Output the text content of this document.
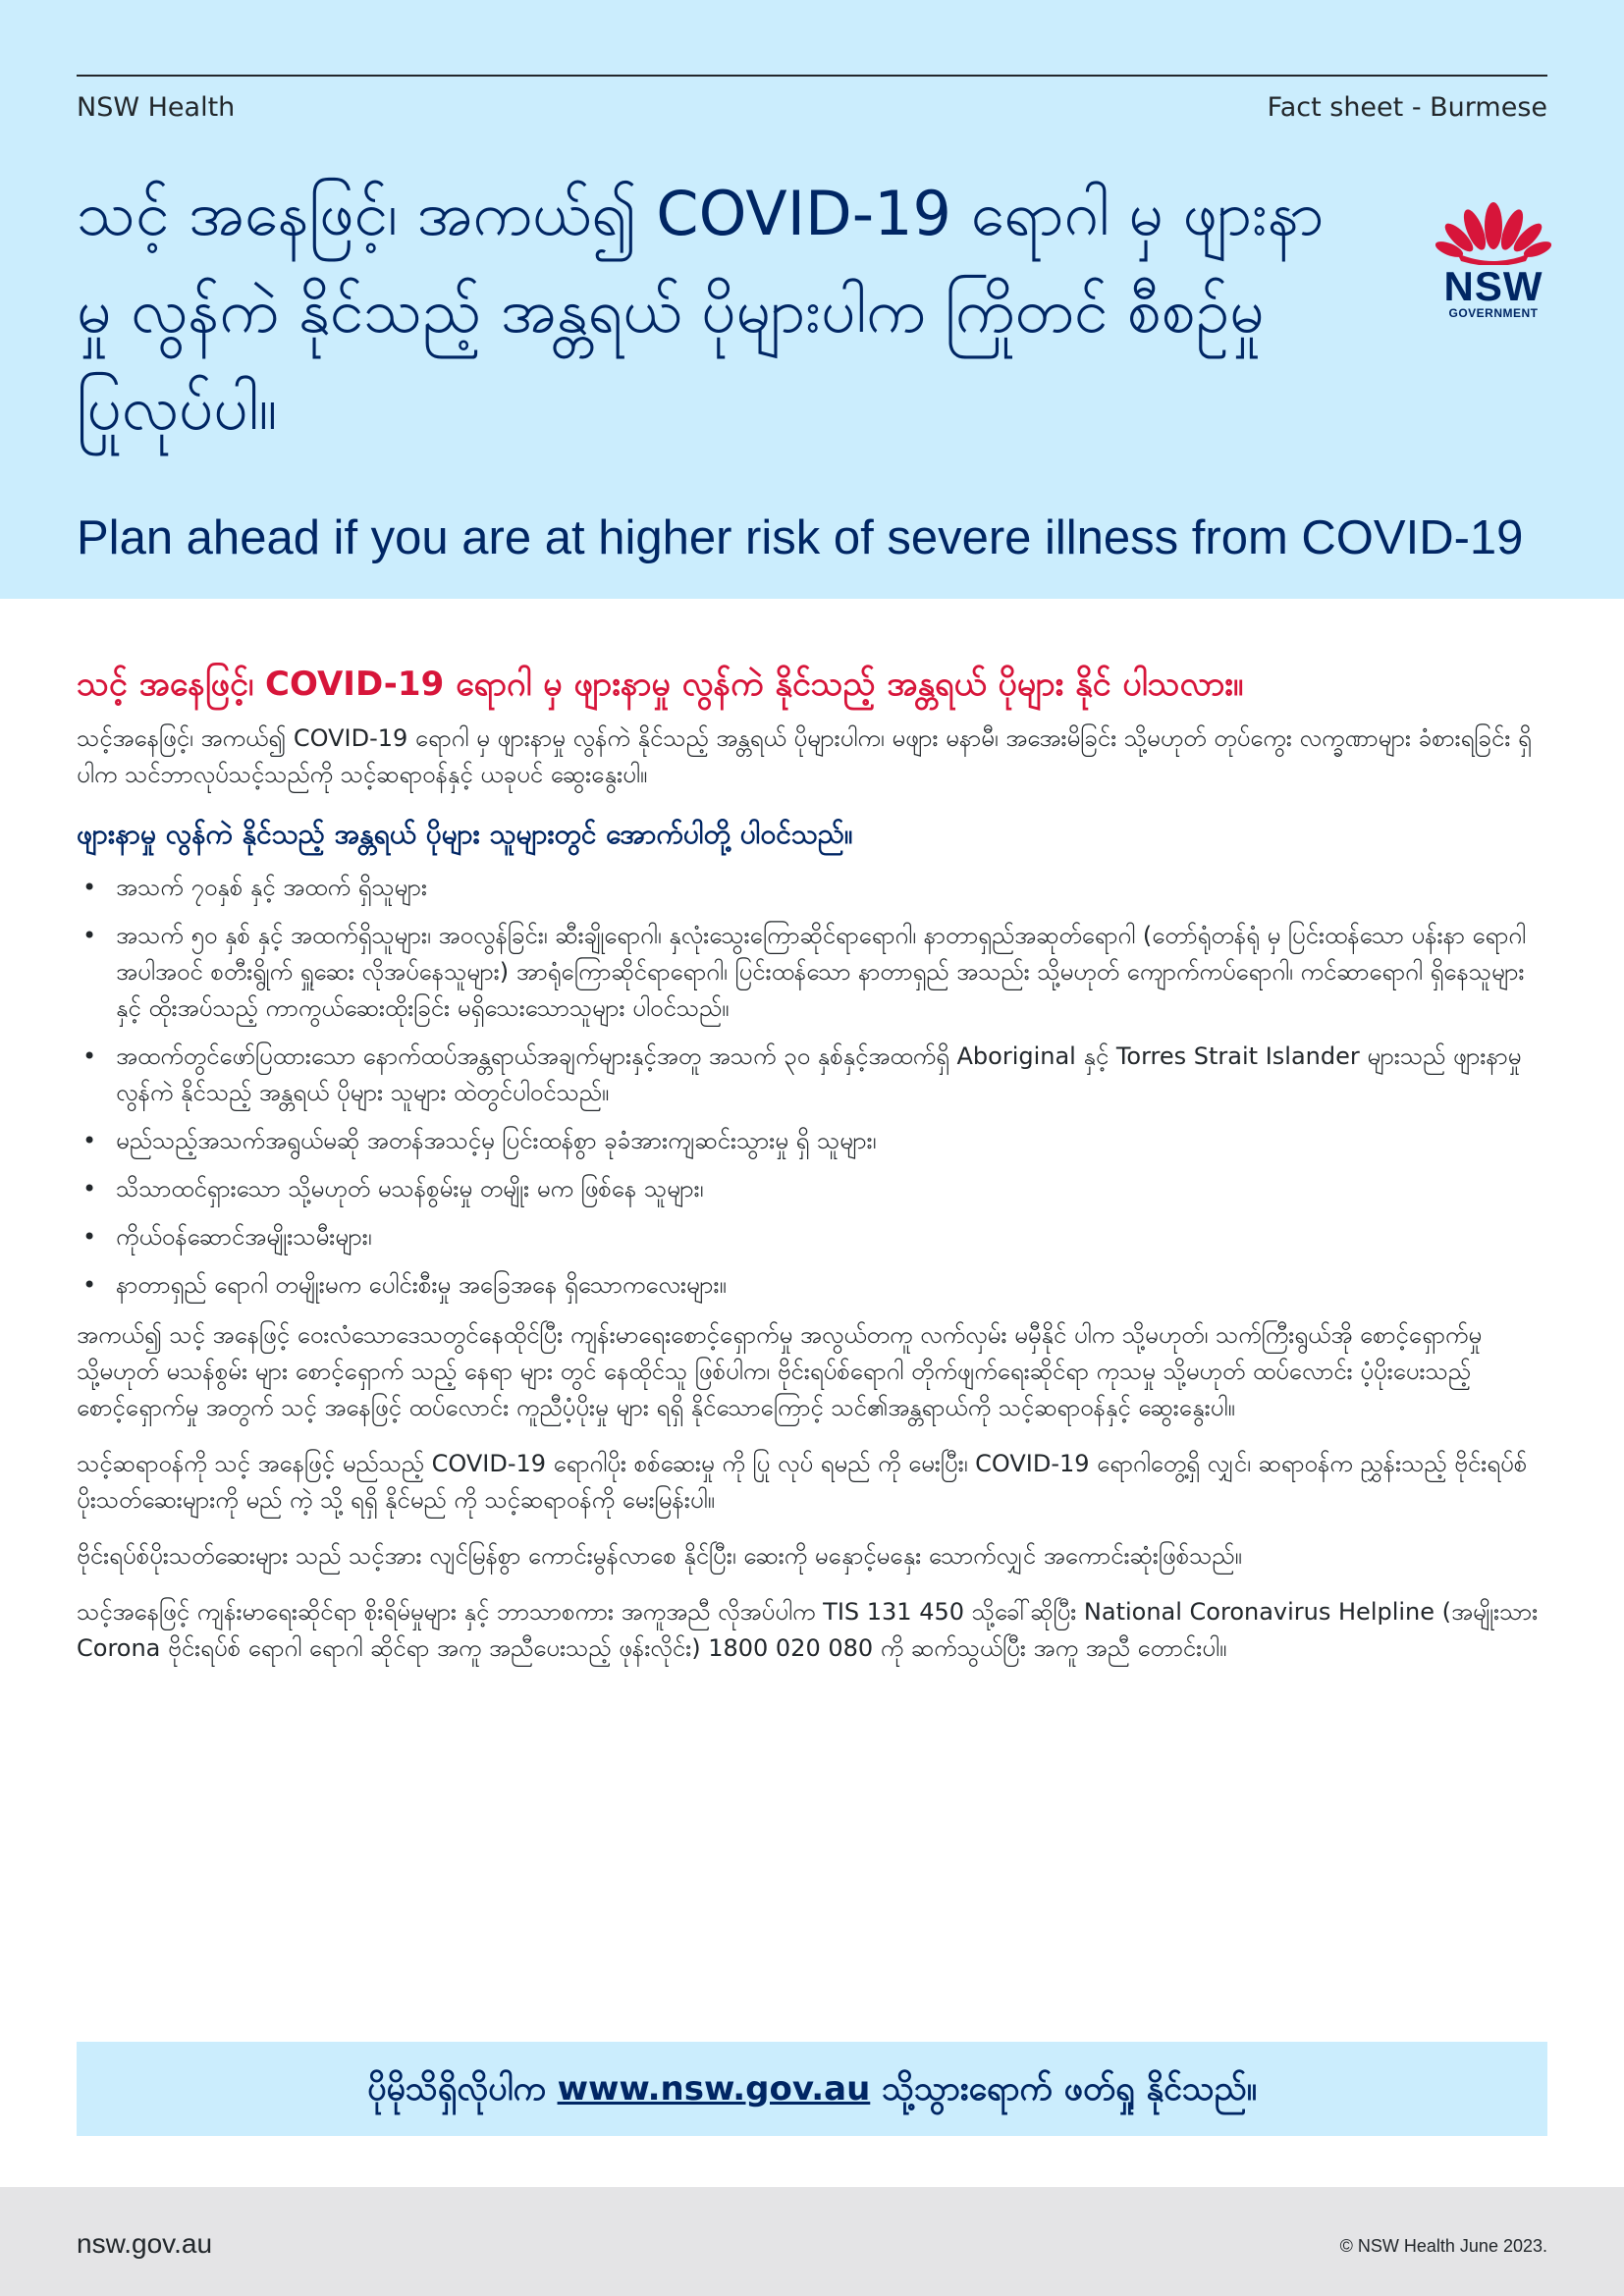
NSW Health	Fact sheet - Burmese
သင့် အနေဖြင့်၊ အကယ်၍ COVID-19 ရောဂါ မှ ဖျားနာမှု လွန်ကဲ နိုင်သည့် အန္တရယ် ပိုများပါက ကြိုတင် စီစဉ်မှု ပြုလုပ်ပါ။
Plan ahead if you are at higher risk of severe illness from COVID-19
NSW
GOVERNMENT
သင့် အနေဖြင့်၊ COVID-19 ရောဂါ မှ ဖျားနာမှု လွန်ကဲ နိုင်သည့် အန္တရယ် ပိုများ နိုင် ပါသလား။

သင့်အနေဖြင့်၊ အကယ်၍ COVID-19 ရောဂါ မှ ဖျားနာမှု လွန်ကဲ နိုင်သည့် အန္တရယ် ပိုများပါက၊ မဖျား မနာမီ၊ အအေးမိခြင်း သို့မဟုတ် တုပ်ကွေး လက္ခဏာများ ခံစားရခြင်း ရှိပါက သင်ဘာလုပ်သင့်သည်ကို သင့်ဆရာဝန်နှင့် ယခုပင် ဆွေးနွေးပါ။

ဖျားနာမှု လွန်ကဲ နိုင်သည့် အန္တရယ် ပိုများ သူများတွင် အောက်ပါတို့ ပါဝင်သည်။
• အသက် ၇၀နှစ် နှင့် အထက် ရှိသူများ
• အသက် ၅၀ နှစ် နှင့် အထက်ရှိသူများ၊ အဝလွန်ခြင်း၊ ဆီးချိုရောဂါ၊ နှလုံးသွေးကြောဆိုင်ရာရောဂါ၊ နာတာရှည်အဆုတ်ရောဂါ (တော်ရုံတန်ရုံ မှ ပြင်းထန်သော ပန်းနာ ရောဂါ အပါအဝင် စတီးရွိုက် ရှူဆေး လိုအပ်နေသူများ) အာရုံကြောဆိုင်ရာရောဂါ၊ ပြင်းထန်သော နာတာရှည် အသည်း သို့မဟုတ် ကျောက်ကပ်ရောဂါ၊ ကင်ဆာရောဂါ ရှိနေသူများ နှင့် ထိုးအပ်သည့် ကာကွယ်ဆေးထိုးခြင်း မရှိသေးသောသူများ ပါဝင်သည်။
• အထက်တွင်ဖော်ပြထားသော နောက်ထပ်အန္တရာယ်အချက်များနှင့်အတူ အသက် ၃၀ နှစ်နှင့်အထက်ရှိ Aboriginal နှင့် Torres Strait Islander များသည် ဖျားနာမှု လွန်ကဲ နိုင်သည့် အန္တရယ် ပိုများ သူများ ထဲတွင်ပါဝင်သည်။
• မည်သည့်အသက်အရွယ်မဆို အတန်အသင့်မှ ပြင်းထန်စွာ ခုခံအားကျဆင်းသွားမှု ရှိ သူများ၊
• သိသာထင်ရှားသော သို့မဟုတ် မသန်စွမ်းမှု တမျိုး မက ဖြစ်နေ သူများ၊
• ကိုယ်ဝန်ဆောင်အမျိုးသမီးများ၊
• နာတာရှည် ရောဂါ တမျိုးမက ပေါင်းစီးမှု အခြေအနေ ရှိသောကလေးများ။

အကယ်၍ သင့် အနေဖြင့် ဝေးလံသောဒေသတွင်နေထိုင်ပြီး ကျန်းမာရေးစောင့်ရှောက်မှု အလွယ်တကူ လက်လှမ်း မမှီနိုင် ပါက သို့မဟုတ်၊ သက်ကြီးရွယ်အို စောင့်ရှောက်မှု သို့မဟုတ် မသန်စွမ်း များ စောင့်ရှောက် သည့် နေရာ များ တွင် နေထိုင်သူ ဖြစ်ပါက၊ ဗိုင်းရပ်စ်ရောဂါ တိုက်ဖျက်ရေးဆိုင်ရာ ကုသမှု သို့မဟုတ် ထပ်လောင်း ပံ့ပိုးပေးသည့် စောင့်ရှောက်မှု အတွက် သင့် အနေဖြင့် ထပ်လောင်း ကူညီပံ့ပိုးမှု များ ရရှိ နိုင်သောကြောင့် သင်၏အန္တရာယ်ကို သင့်ဆရာဝန်နှင့် ဆွေးနွေးပါ။

သင့်ဆရာဝန်ကို သင့် အနေဖြင့် မည်သည့် COVID-19 ရောဂါပိုး စစ်ဆေးမှု ကို ပြု လုပ် ရမည် ကို မေးပြီး၊ COVID-19 ရောဂါတွေ့ရှိ လျှင်၊ ဆရာဝန်က ညွှန်းသည့် ဗိုင်းရပ်စ်ပိုးသတ်ဆေးများကို မည် ကဲ့ သို့ ရရှိ နိုင်မည် ကို သင့်ဆရာဝန်ကို မေးမြန်းပါ။

ဗိုင်းရပ်စ်ပိုးသတ်ဆေးများ သည် သင့်အား လျင်မြန်စွာ ကောင်းမွန်လာစေ နိုင်ပြီး၊ ဆေးကို မနှောင့်မနှေး သောက်လျှင် အကောင်းဆုံးဖြစ်သည်။

သင့်အနေဖြင့် ကျန်းမာရေးဆိုင်ရာ စိုးရိမ်မှုများ နှင့် ဘာသာစကား အကူအညီ လိုအပ်ပါက TIS 131 450 သို့ခေါ်ဆိုပြီး National Coronavirus Helpline (အမျိုးသား Corona ဗိုင်းရပ်စ် ရောဂါ ရောဂါ ဆိုင်ရာ အကူ အညီပေးသည့် ဖုန်းလိုင်း) 1800 020 080 ကို ဆက်သွယ်ပြီး အကူ အညီ တောင်းပါ။

ပိုမိုသိရှိလိုပါက www.nsw.gov.au သို့သွားရောက် ဖတ်ရှု နိုင်သည်။
nsw.gov.au	© NSW Health June 2023.
